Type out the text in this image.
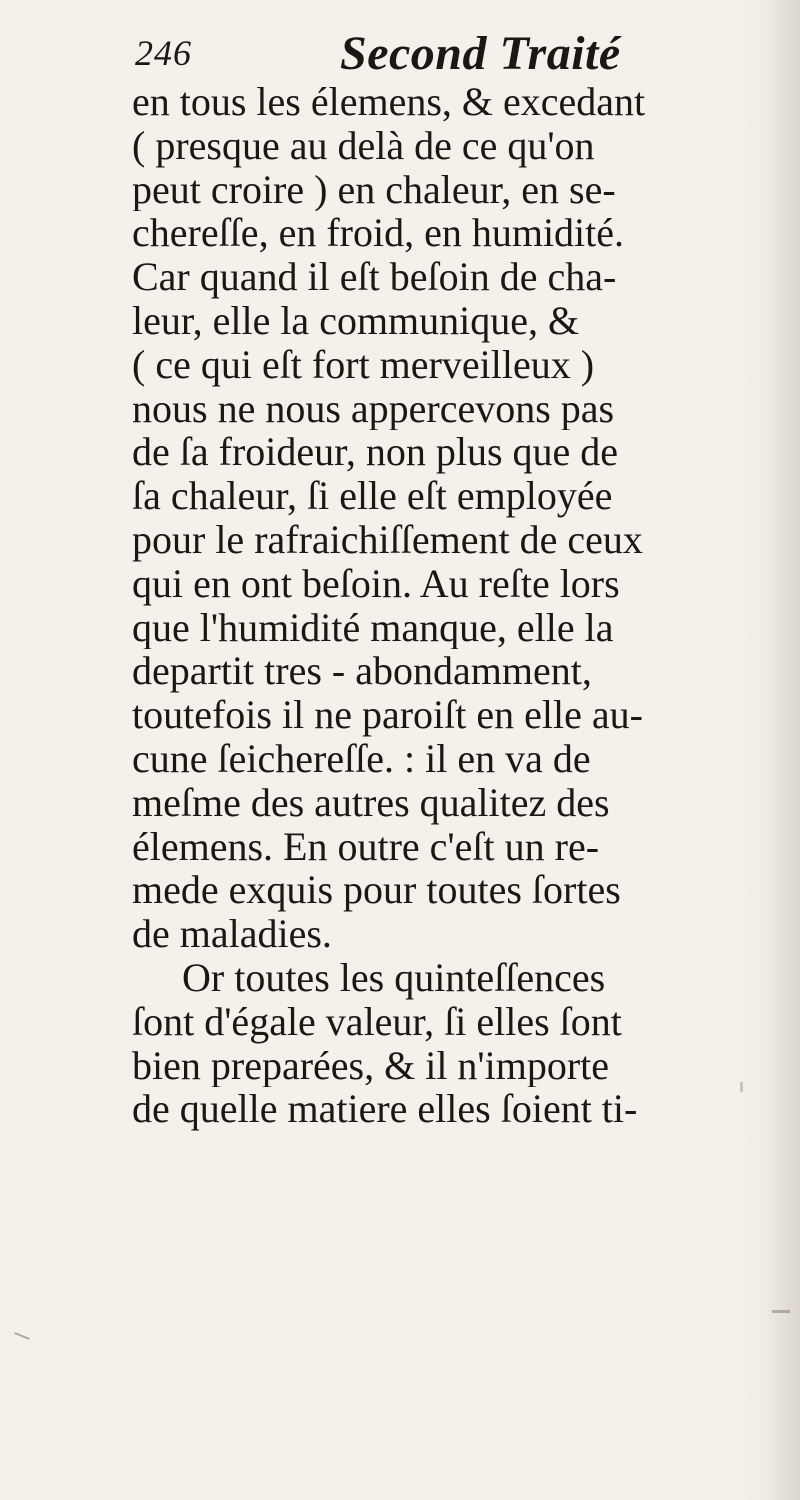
246	Second Traité
en tous les élemens, & excedant
( presque au delà de ce qu'on
peut croire ) en chaleur, en se-
chereſſe, en froid, en humidité.
Car quand il eſt beſoin de cha-
leur, elle la communique, &
( ce qui eſt fort merveilleux )
nous ne nous appercevons pas
de ſa froideur, non plus que de
ſa chaleur, ſi elle eſt employée
pour le rafraichiſſement de ceux
qui en ont beſoin. Au reſte lors
que l'humidité manque, elle la
departit tres - abondamment,
toutefois il ne paroiſt en elle au-
cune ſeichereſſe. : il en va de
meſme des autres qualitez des
élemens. En outre c'eſt un re-
mede exquis pour toutes ſortes
de maladies.
Or toutes les quinteſſences
ſont d'égale valeur, ſi elles ſont
bien preparées, & il n'importe
de quelle matiere elles ſoient ti-
